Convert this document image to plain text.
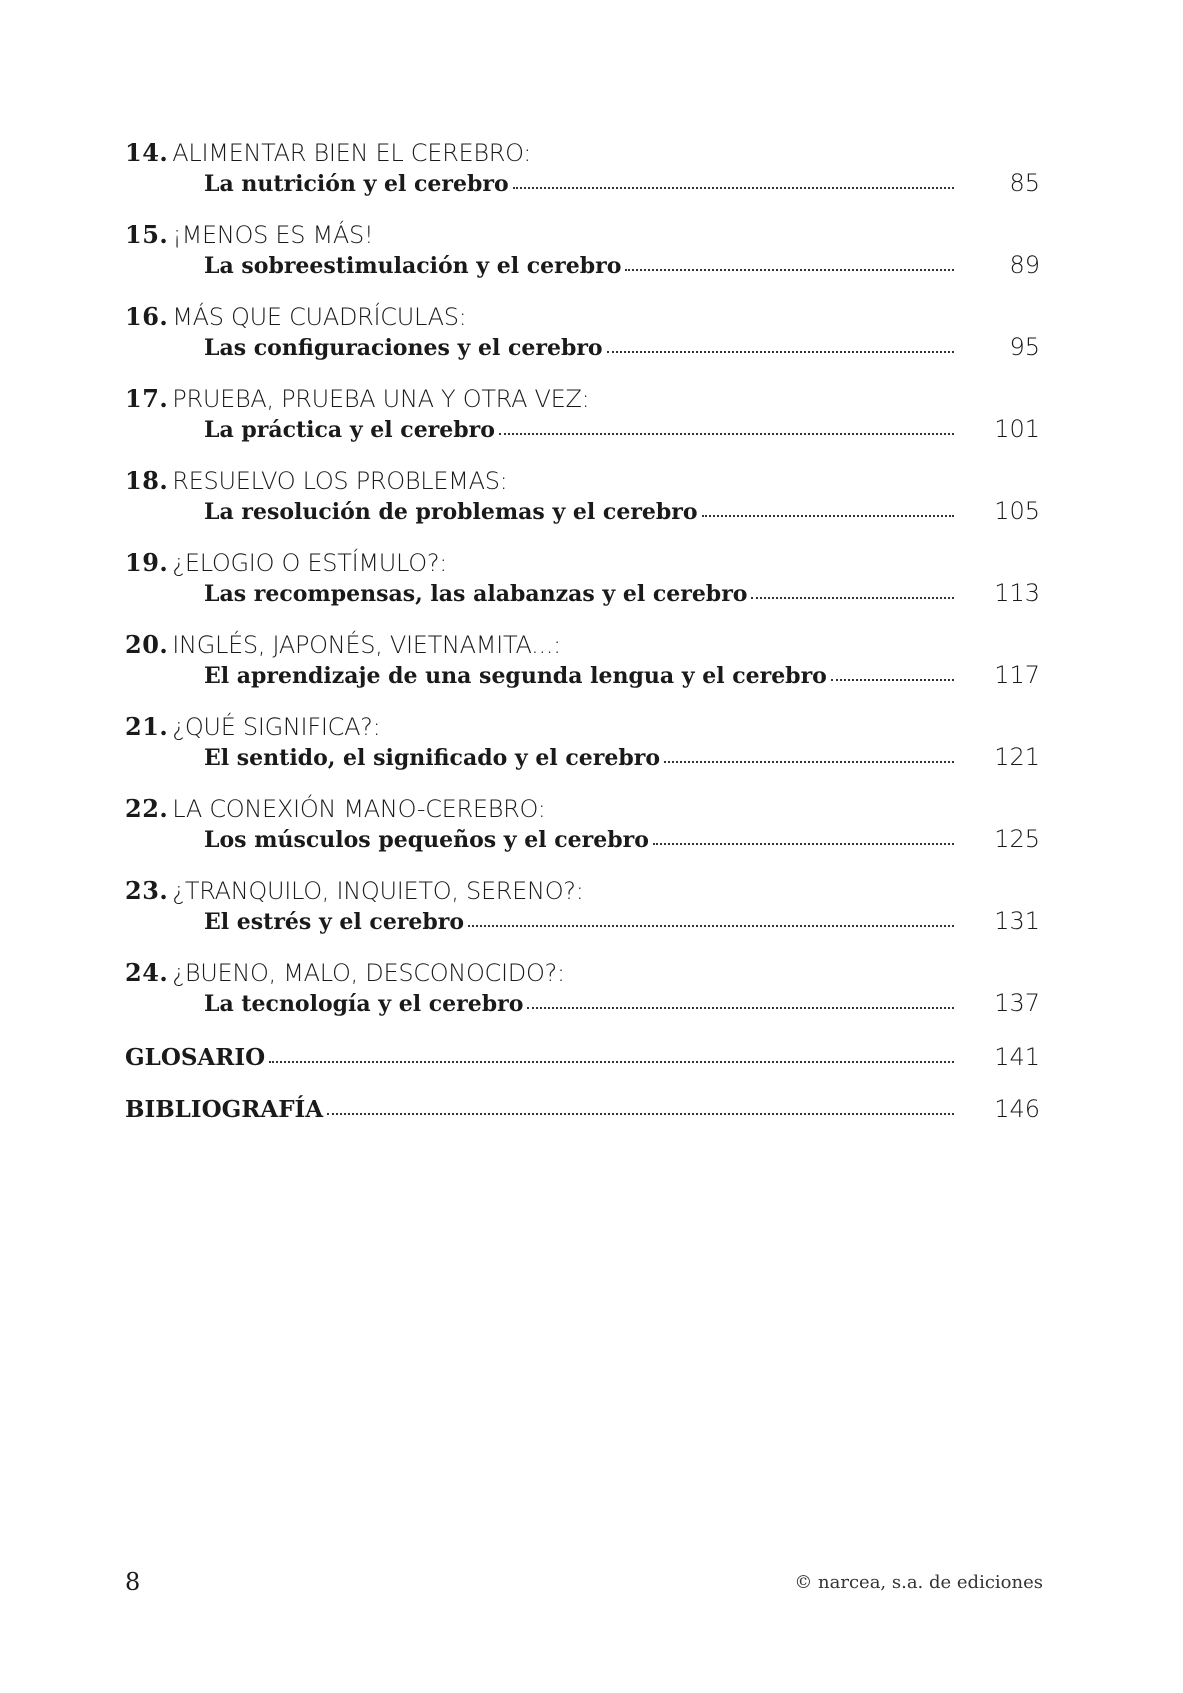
14. ALIMENTAR BIEN EL CEREBRO:
La nutrición y el cerebro	85
15. ¡MENOS ES MÁS!
La sobreestimulación y el cerebro	89
16. MÁS QUE CUADRÍCULAS:
Las configuraciones y el cerebro	95
17. PRUEBA, PRUEBA UNA Y OTRA VEZ:
La práctica y el cerebro	101
18. RESUELVO LOS PROBLEMAS:
La resolución de problemas y el cerebro	105
19. ¿ELOGIO O ESTÍMULO?:
Las recompensas, las alabanzas y el cerebro	113
20. INGLÉS, JAPONÉS, VIETNAMITA...:
El aprendizaje de una segunda lengua y el cerebro	117
21. ¿QUÉ SIGNIFICA?:
El sentido, el significado y el cerebro	121
22. LA CONEXIÓN MANO-CEREBRO:
Los músculos pequeños y el cerebro	125
23. ¿TRANQUILO, INQUIETO, SERENO?:
El estrés y el cerebro	131
24. ¿BUENO, MALO, DESCONOCIDO?:
La tecnología y el cerebro	137
GLOSARIO	141
BIBLIOGRAFÍA	146
8	© narcea, s.a. de ediciones
